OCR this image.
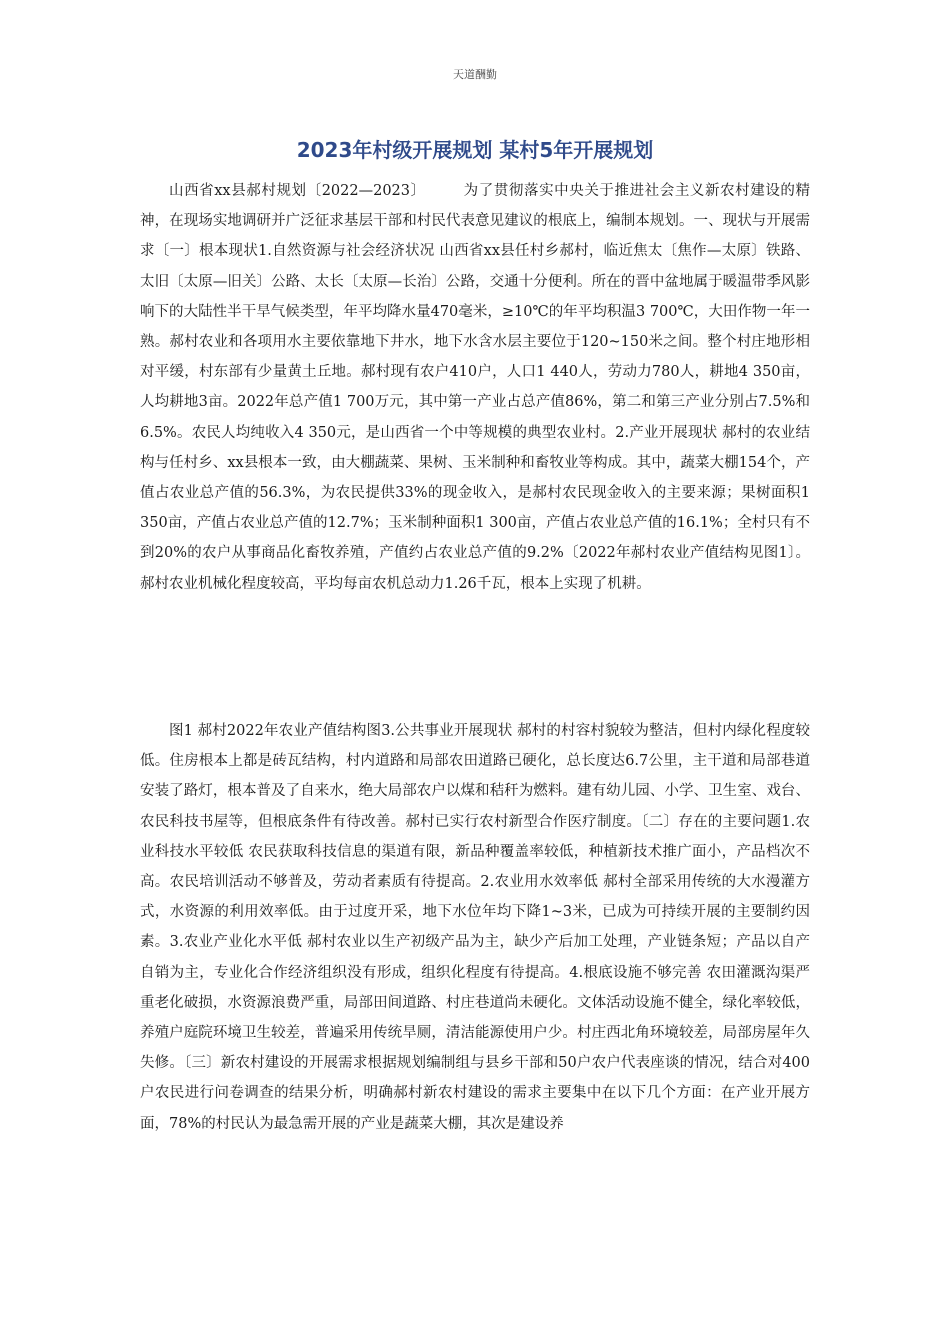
天道酬勤
2023年村级开展规划 某村5年开展规划

山西省xx县郝村规划〔2022—2023〕　　　为了贯彻落实中央关于推进社会主义新农村建设的精神，在现场实地调研并广泛征求基层干部和村民代表意见建议的根底上，编制本规划。一、现状与开展需求〔一〕根本现状1.自然资源与社会经济状况 山西省xx县任村乡郝村，临近焦太〔焦作—太原〕铁路、太旧〔太原—旧关〕公路、太长〔太原—长治〕公路，交通十分便利。所在的晋中盆地属于暖温带季风影响下的大陆性半干旱气候类型，年平均降水量470毫米，≥10℃的年平均积温3 700℃，大田作物一年一熟。郝村农业和各项用水主要依靠地下井水，地下水含水层主要位于120~150米之间。整个村庄地形相对平缓，村东部有少量黄土丘地。郝村现有农户410户，人口1 440人，劳动力780人，耕地4 350亩，人均耕地3亩。2022年总产值1 700万元，其中第一产业占总产值86%，第二和第三产业分别占7.5%和6.5%。农民人均纯收入4 350元，是山西省一个中等规模的典型农业村。2.产业开展现状 郝村的农业结构与任村乡、xx县根本一致，由大棚蔬菜、果树、玉米制种和畜牧业等构成。其中，蔬菜大棚154个，产值占农业总产值的56.3%，为农民提供33%的现金收入，是郝村农民现金收入的主要来源；果树面积1 350亩，产值占农业总产值的12.7%；玉米制种面积1 300亩，产值占农业总产值的16.1%；全村只有不到20%的农户从事商品化畜牧养殖，产值约占农业总产值的9.2%〔2022年郝村农业产值结构见图1〕。郝村农业机械化程度较高，平均每亩农机总动力1.26千瓦，根本上实现了机耕。

图1 郝村2022年农业产值结构图3.公共事业开展现状 郝村的村容村貌较为整洁，但村内绿化程度较低。住房根本上都是砖瓦结构，村内道路和局部农田道路已硬化，总长度达6.7公里，主干道和局部巷道安装了路灯，根本普及了自来水，绝大局部农户以煤和秸秆为燃料。建有幼儿园、小学、卫生室、戏台、农民科技书屋等，但根底条件有待改善。郝村已实行农村新型合作医疗制度。〔二〕存在的主要问题1.农业科技水平较低 农民获取科技信息的渠道有限，新品种覆盖率较低，种植新技术推广面小，产品档次不高。农民培训活动不够普及，劳动者素质有待提高。2.农业用水效率低 郝村全部采用传统的大水漫灌方式，水资源的利用效率低。由于过度开采，地下水位年均下降1~3米，已成为可持续开展的主要制约因素。3.农业产业化水平低 郝村农业以生产初级产品为主，缺少产后加工处理，产业链条短；产品以自产自销为主，专业化合作经济组织没有形成，组织化程度有待提高。4.根底设施不够完善 农田灌溉沟渠严重老化破损，水资源浪费严重，局部田间道路、村庄巷道尚未硬化。文体活动设施不健全，绿化率较低，养殖户庭院环境卫生较差，普遍采用传统旱厕，清洁能源使用户少。村庄西北角环境较差，局部房屋年久失修。〔三〕新农村建设的开展需求根据规划编制组与县乡干部和50户农户代表座谈的情况，结合对400户农民进行问卷调查的结果分析，明确郝村新农村建设的需求主要集中在以下几个方面：在产业开展方面，78%的村民认为最急需开展的产业是蔬菜大棚，其次是建设养
